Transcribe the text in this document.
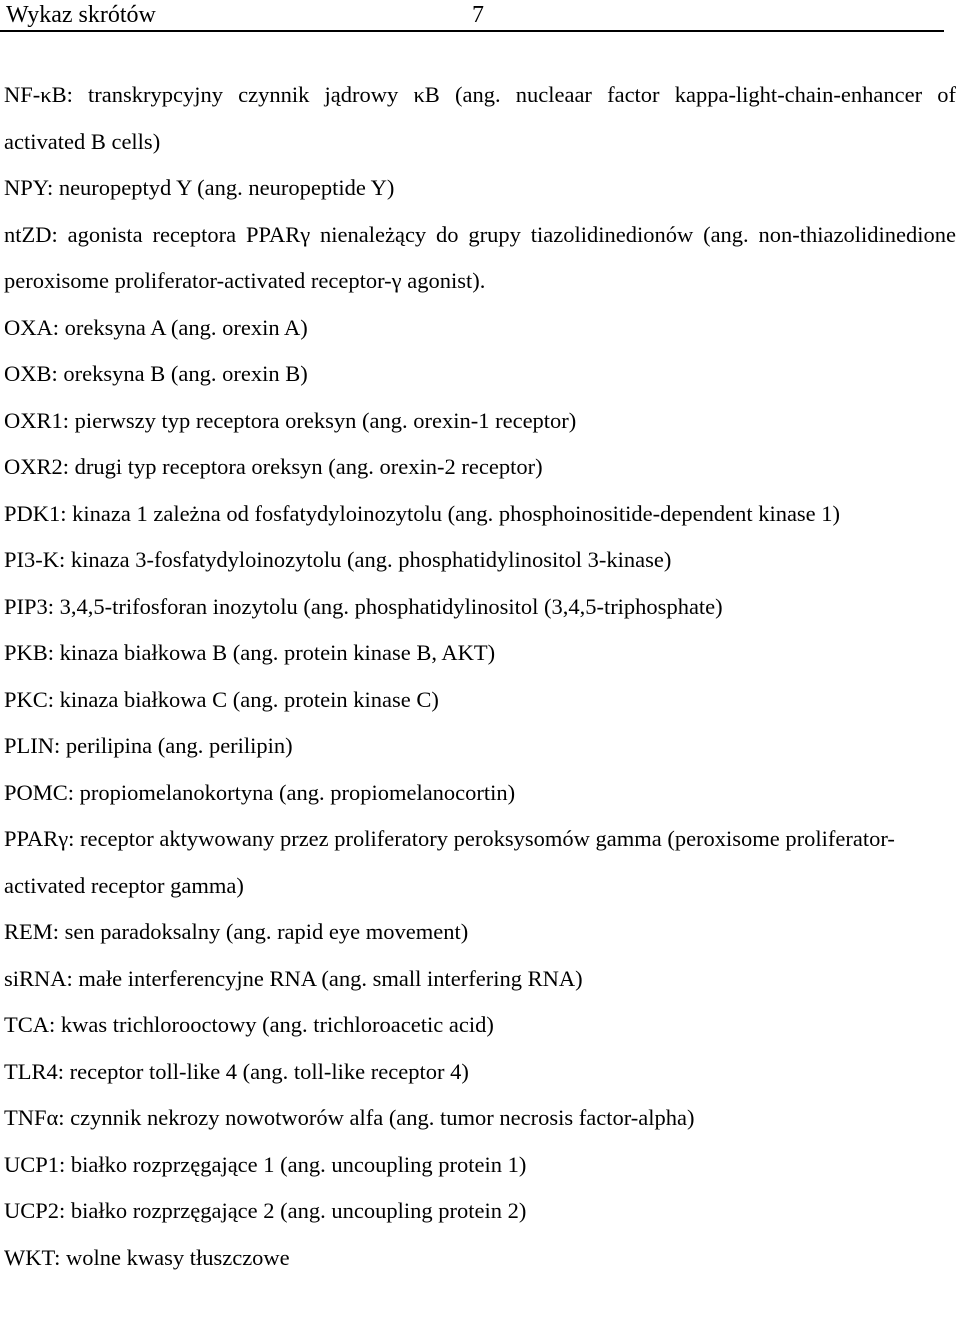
Wykaz skrótów	7
NF-κB: transkrypcyjny czynnik jądrowy κB (ang. nucleaar factor kappa-light-chain-enhancer of activated B cells)
NPY: neuropeptyd Y (ang. neuropeptide Y)
ntZD: agonista receptora PPARγ nienależący do grupy tiazolidinedionów (ang. non-thiazolidinedione peroxisome proliferator-activated receptor-γ agonist).
OXA: oreksyna A (ang. orexin A)
OXB: oreksyna B (ang. orexin B)
OXR1: pierwszy typ receptora oreksyn (ang. orexin-1 receptor)
OXR2: drugi typ receptora oreksyn (ang. orexin-2 receptor)
PDK1: kinaza 1 zależna od fosfatydyloinozytolu (ang. phosphoinositide-dependent kinase 1)
PI3-K: kinaza 3-fosfatydyloinozytolu (ang. phosphatidylinositol 3-kinase)
PIP3: 3,4,5-trifosforan inozytolu (ang. phosphatidylinositol (3,4,5-triphosphate)
PKB: kinaza białkowa B (ang. protein kinase B, AKT)
PKC: kinaza białkowa C (ang. protein kinase C)
PLIN: perilipina (ang. perilipin)
POMC: propiomelanokortyna (ang. propiomelanocortin)
PPARγ: receptor aktywowany przez proliferatory peroksysomów gamma (peroxisome proliferator-activated receptor gamma)
REM: sen paradoksalny (ang. rapid eye movement)
siRNA: małe interferencyjne RNA (ang. small interfering RNA)
TCA: kwas trichlorooctowy (ang. trichloroacetic acid)
TLR4: receptor toll-like 4 (ang. toll-like receptor 4)
TNFα: czynnik nekrozy nowotworów alfa (ang. tumor necrosis factor-alpha)
UCP1: białko rozprzęgające 1 (ang. uncoupling protein 1)
UCP2: białko rozprzęgające 2 (ang. uncoupling protein 2)
WKT: wolne kwasy tłuszczowe
